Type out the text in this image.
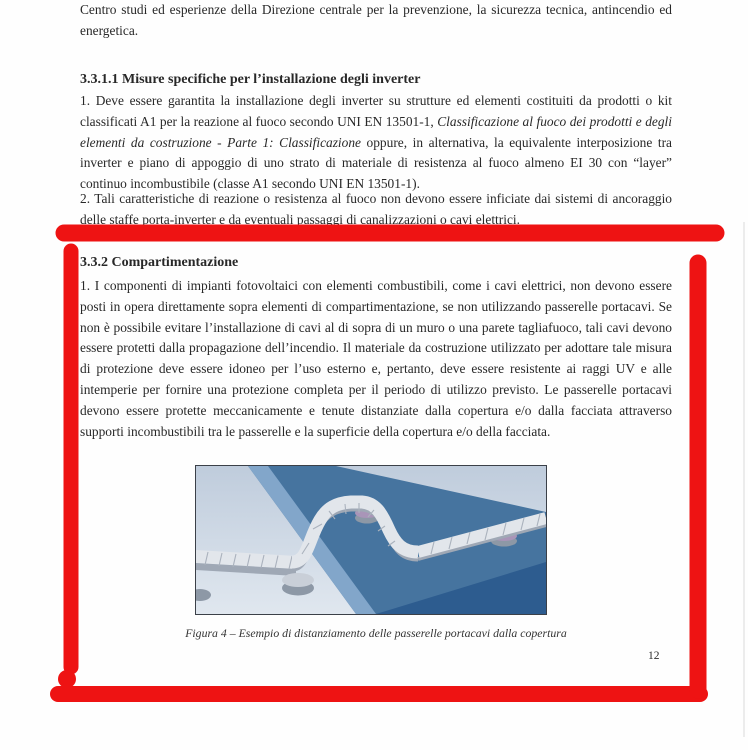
Centro studi ed esperienze della Direzione centrale per la prevenzione, la sicurezza tecnica, antincendio ed energetica.

3.3.1.1 Misure specifiche per l’installazione degli inverter

1. Deve essere garantita la installazione degli inverter su strutture ed elementi costituiti da prodotti o kit classificati A1 per la reazione al fuoco secondo UNI EN 13501-1, Classificazione al fuoco dei prodotti e degli elementi da costruzione - Parte 1: Classificazione oppure, in alternativa, la equivalente interposizione tra inverter e piano di appoggio di uno strato di materiale di resistenza al fuoco almeno EI 30 con “layer” continuo incombustibile (classe A1 secondo UNI EN 13501-1).

2. Tali caratteristiche di reazione o resistenza al fuoco non devono essere inficiate dai sistemi di ancoraggio delle staffe porta-inverter e da eventuali passaggi di canalizzazioni o cavi elettrici.

3.3.2 Compartimentazione

1. I componenti di impianti fotovoltaici con elementi combustibili, come i cavi elettrici, non devono essere posti in opera direttamente sopra elementi di compartimentazione, se non utilizzando passerelle portacavi. Se non è possibile evitare l’installazione di cavi al di sopra di un muro o una parete tagliafuoco, tali cavi devono essere protetti dalla propagazione dell’incendio. Il materiale da costruzione utilizzato per adottare tale misura di protezione deve essere idoneo per l’uso esterno e, pertanto, deve essere resistente ai raggi UV e alle intemperie per fornire una protezione completa per il periodo di utilizzo previsto. Le passerelle portacavi devono essere protette meccanicamente e tenute distanziate dalla copertura e/o dalla facciata attraverso supporti incombustibili tra le passerelle e la superficie della copertura e/o della facciata.

Figura 4 – Esempio di distanziamento delle passerelle portacavi dalla copertura
12
